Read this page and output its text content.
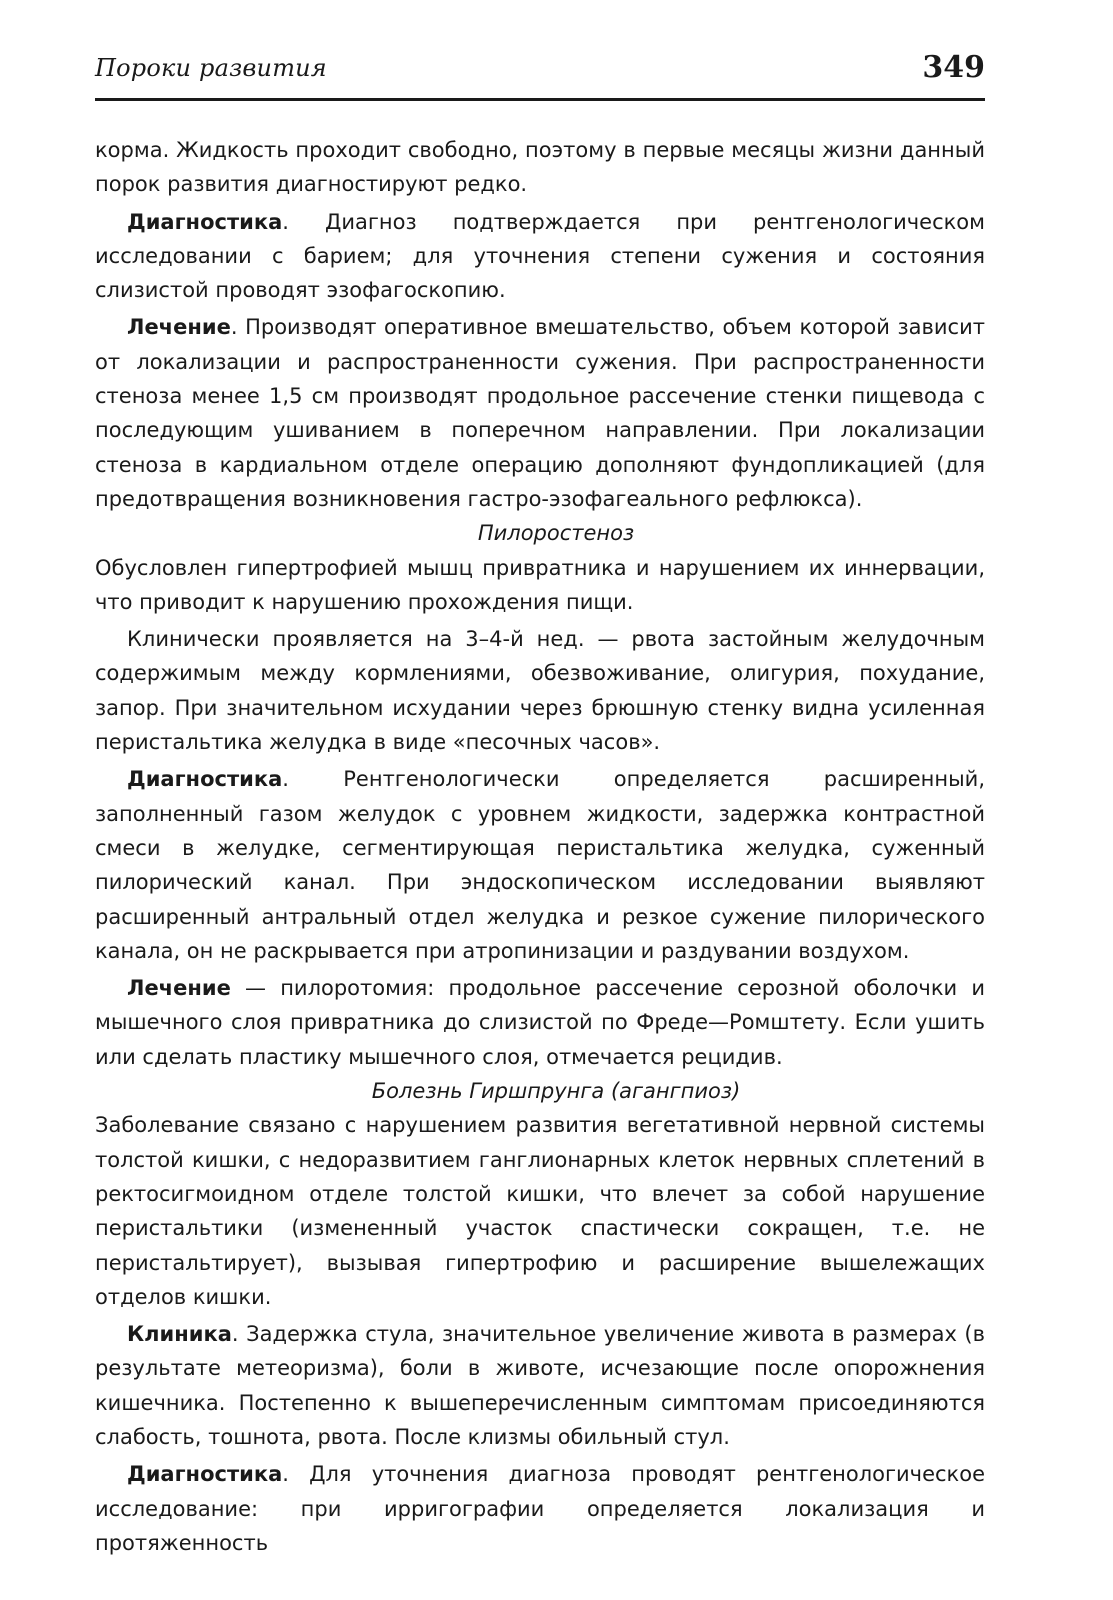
Пороки развития	349

корма. Жидкость проходит свободно, поэтому в первые месяцы жизни данный порок развития диагностируют редко.

Диагностика. Диагноз подтверждается при рентгенологическом исследовании с барием; для уточнения степени сужения и состояния слизистой проводят эзофагоскопию.

Лечение. Производят оперативное вмешательство, объем которой зависит от локализации и распространенности сужения. При распространенности стеноза менее 1,5 см производят продольное рассечение стенки пищевода с последующим ушиванием в поперечном направлении. При локализации стеноза в кардиальном отделе операцию дополняют фундопликацией (для предотвращения возникновения гастро-эзофагеального рефлюкса).

Пилоростеноз

Обусловлен гипертрофией мышц привратника и нарушением их иннервации, что приводит к нарушению прохождения пищи.

Клинически проявляется на 3–4-й нед. — рвота застойным желудочным содержимым между кормлениями, обезвоживание, олигурия, похудание, запор. При значительном исхудании через брюшную стенку видна усиленная перистальтика желудка в виде «песочных часов».

Диагностика. Рентгенологически определяется расширенный, заполненный газом желудок с уровнем жидкости, задержка контрастной смеси в желудке, сегментирующая перистальтика желудка, суженный пилорический канал. При эндоскопическом исследовании выявляют расширенный антральный отдел желудка и резкое сужение пилорического канала, он не раскрывается при атропинизации и раздувании воздухом.

Лечение — пилоротомия: продольное рассечение серозной оболочки и мышечного слоя привратника до слизистой по Фреде—Ромштету. Если ушить или сделать пластику мышечного слоя, отмечается рецидив.

Болезнь Гиршпрунга (агангпиоз)

Заболевание связано с нарушением развития вегетативной нервной системы толстой кишки, с недоразвитием ганглионарных клеток нервных сплетений в ректосигмоидном отделе толстой кишки, что влечет за собой нарушение перистальтики (измененный участок спастически сокращен, т.е. не перистальтирует), вызывая гипертрофию и расширение вышележащих отделов кишки.

Клиника. Задержка стула, значительное увеличение живота в размерах (в результате метеоризма), боли в животе, исчезающие после опорожнения кишечника. Постепенно к вышеперечисленным симптомам присоединяются слабость, тошнота, рвота. После клизмы обильный стул.

Диагностика. Для уточнения диагноза проводят рентгенологическое исследование: при ирригографии определяется локализация и протяженность
